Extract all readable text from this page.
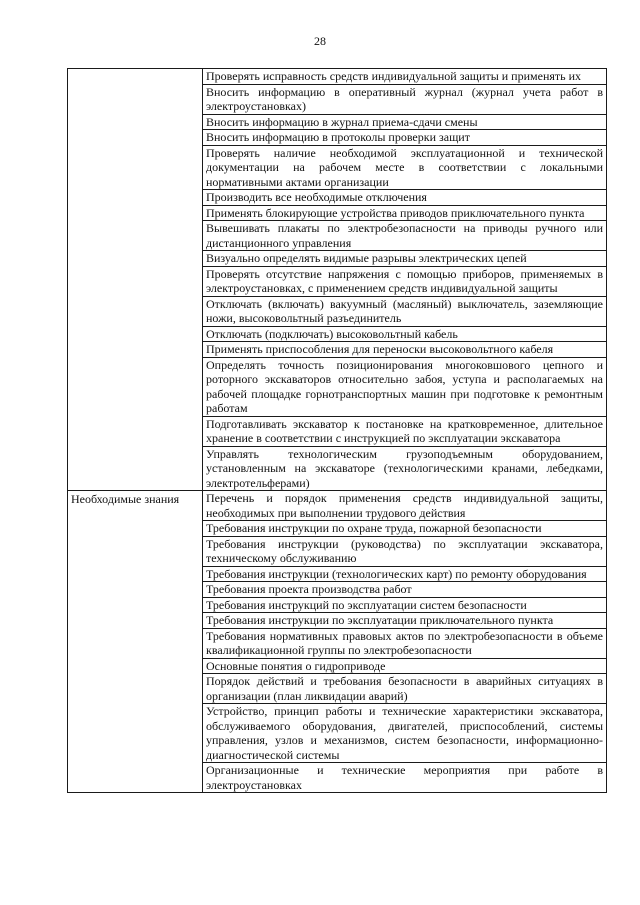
28

	Проверять исправность средств индивидуальной защиты и применять их

	Вносить информацию в оперативный журнал (журнал учета работ в электроустановках)

	Вносить информацию в журнал приема-сдачи смены

	Вносить информацию в протоколы проверки защит

	Проверять наличие необходимой эксплуатационной и технической документации на рабочем месте в соответствии с локальными нормативными актами организации

	Производить все необходимые отключения

	Применять блокирующие устройства приводов приключательного пункта

	Вывешивать плакаты по электробезопасности на приводы ручного или дистанционного управления

	Визуально определять видимые разрывы электрических цепей

	Проверять отсутствие напряжения с помощью приборов, применяемых в электроустановках, с применением средств индивидуальной защиты

	Отключать (включать) вакуумный (масляный) выключатель, заземляющие ножи, высоковольтный разъединитель

	Отключать (подключать) высоковольтный кабель

	Применять приспособления для переноски высоковольтного кабеля

	Определять точность позиционирования многоковшового цепного и роторного экскаваторов относительно забоя, уступа и располагаемых на рабочей площадке горнотранспортных машин при подготовке к ремонтным работам

	Подготавливать экскаватор к постановке на кратковременное, длительное хранение в соответствии с инструкцией по эксплуатации экскаватора

	Управлять технологическим грузоподъемным оборудованием, установленным на экскаваторе (технологическими кранами, лебедками, электротельферами)

Необходимые знания	Перечень и порядок применения средств индивидуальной защиты, необходимых при выполнении трудового действия

	Требования инструкции по охране труда, пожарной безопасности

	Требования инструкции (руководства) по эксплуатации экскаватора, техническому обслуживанию

	Требования инструкции (технологических карт) по ремонту оборудования

	Требования проекта производства работ

	Требования инструкций по эксплуатации систем безопасности

	Требования инструкции по эксплуатации приключательного пункта

	Требования нормативных правовых актов по электробезопасности в объеме квалификационной группы по электробезопасности

	Основные понятия о гидроприводе

	Порядок действий и требования безопасности в аварийных ситуациях в организации (план ликвидации аварий)

	Устройство, принцип работы и технические характеристики экскаватора, обслуживаемого оборудования, двигателей, приспособлений, системы управления, узлов и механизмов, систем безопасности, информационно-диагностической системы

	Организационные и технические мероприятия при работе в электроустановках
